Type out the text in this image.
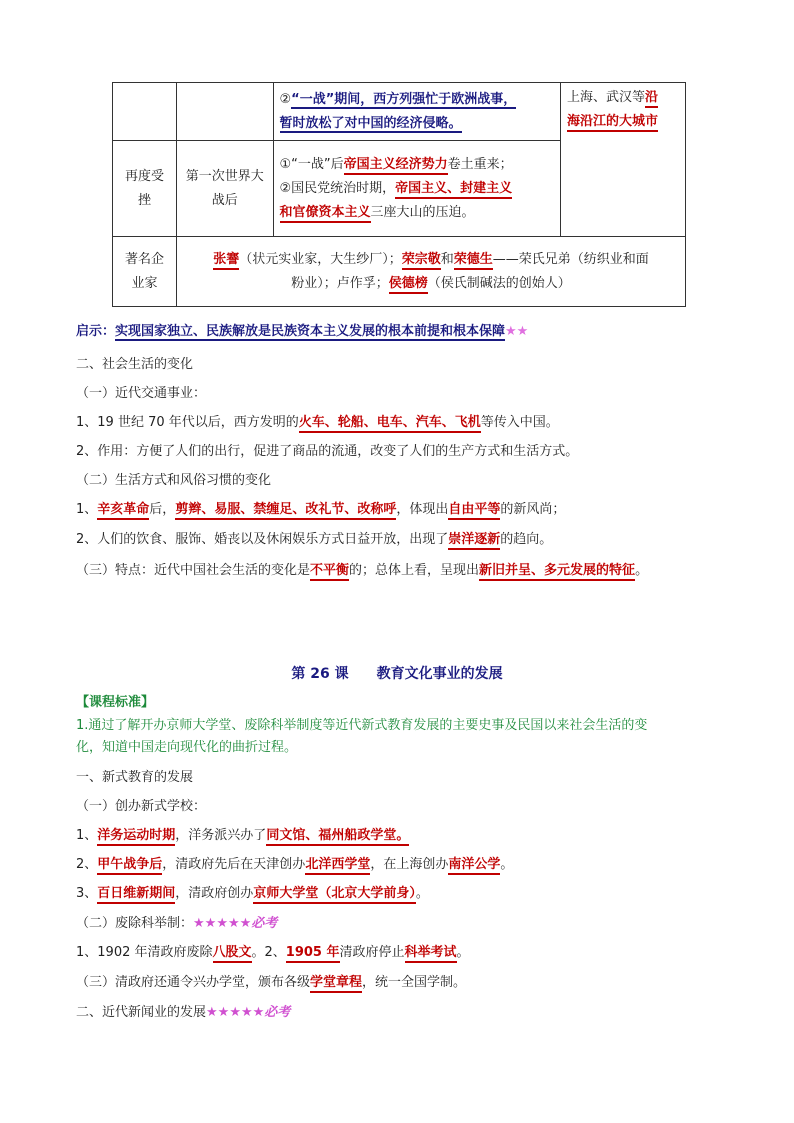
		②“一战”期间，西方列强忙于欧洲战事，
暂时放松了对中国的经济侵略。	上海、武汉等沿
海沿江的大城市
再度受挫	第一次世界大战后	①“一战”后帝国主义经济势力卷土重来；
②国民党统治时期，帝国主义、封建主义
和官僚资本主义三座大山的压迫。	
著名企业家	张謇（状元实业家，大生纱厂）；荣宗敬和荣德生——荣氏兄弟（纺织业和面
粉业）；卢作孚；侯德榜（侯氏制碱法的创始人）		
启示：实现国家独立、民族解放是民族资本主义发展的根本前提和根本保障★★
二、社会生活的变化
（一）近代交通事业：
1、19 世纪 70 年代以后，西方发明的火车、轮船、电车、汽车、飞机等传入中国。
2、作用：方便了人们的出行，促进了商品的流通，改变了人们的生产方式和生活方式。
（二）生活方式和风俗习惯的变化
1、辛亥革命后，剪辫、易服、禁缠足、改礼节、改称呼，体现出自由平等的新风尚；
2、人们的饮食、服饰、婚丧以及休闲娱乐方式日益开放，出现了崇洋逐新的趋向。
（三）特点：近代中国社会生活的变化是不平衡的；总体上看，呈现出新旧并呈、多元发展的特征。
第 26 课　　教育文化事业的发展
【课程标准】
1.通过了解开办京师大学堂、废除科举制度等近代新式教育发展的主要史事及民国以来社会生活的变
化，知道中国走向现代化的曲折过程。
一、新式教育的发展
（一）创办新式学校：
1、洋务运动时期，洋务派兴办了同文馆、福州船政学堂。
2、甲午战争后，清政府先后在天津创办北洋西学堂，在上海创办南洋公学。
3、百日维新期间，清政府创办京师大学堂（北京大学前身）。
（二）废除科举制：★★★★★必考
1、1902 年清政府废除八股文。2、1905 年清政府停止科举考试。
（三）清政府还通令兴办学堂，颁布各级学堂章程，统一全国学制。
二、近代新闻业的发展★★★★★必考
